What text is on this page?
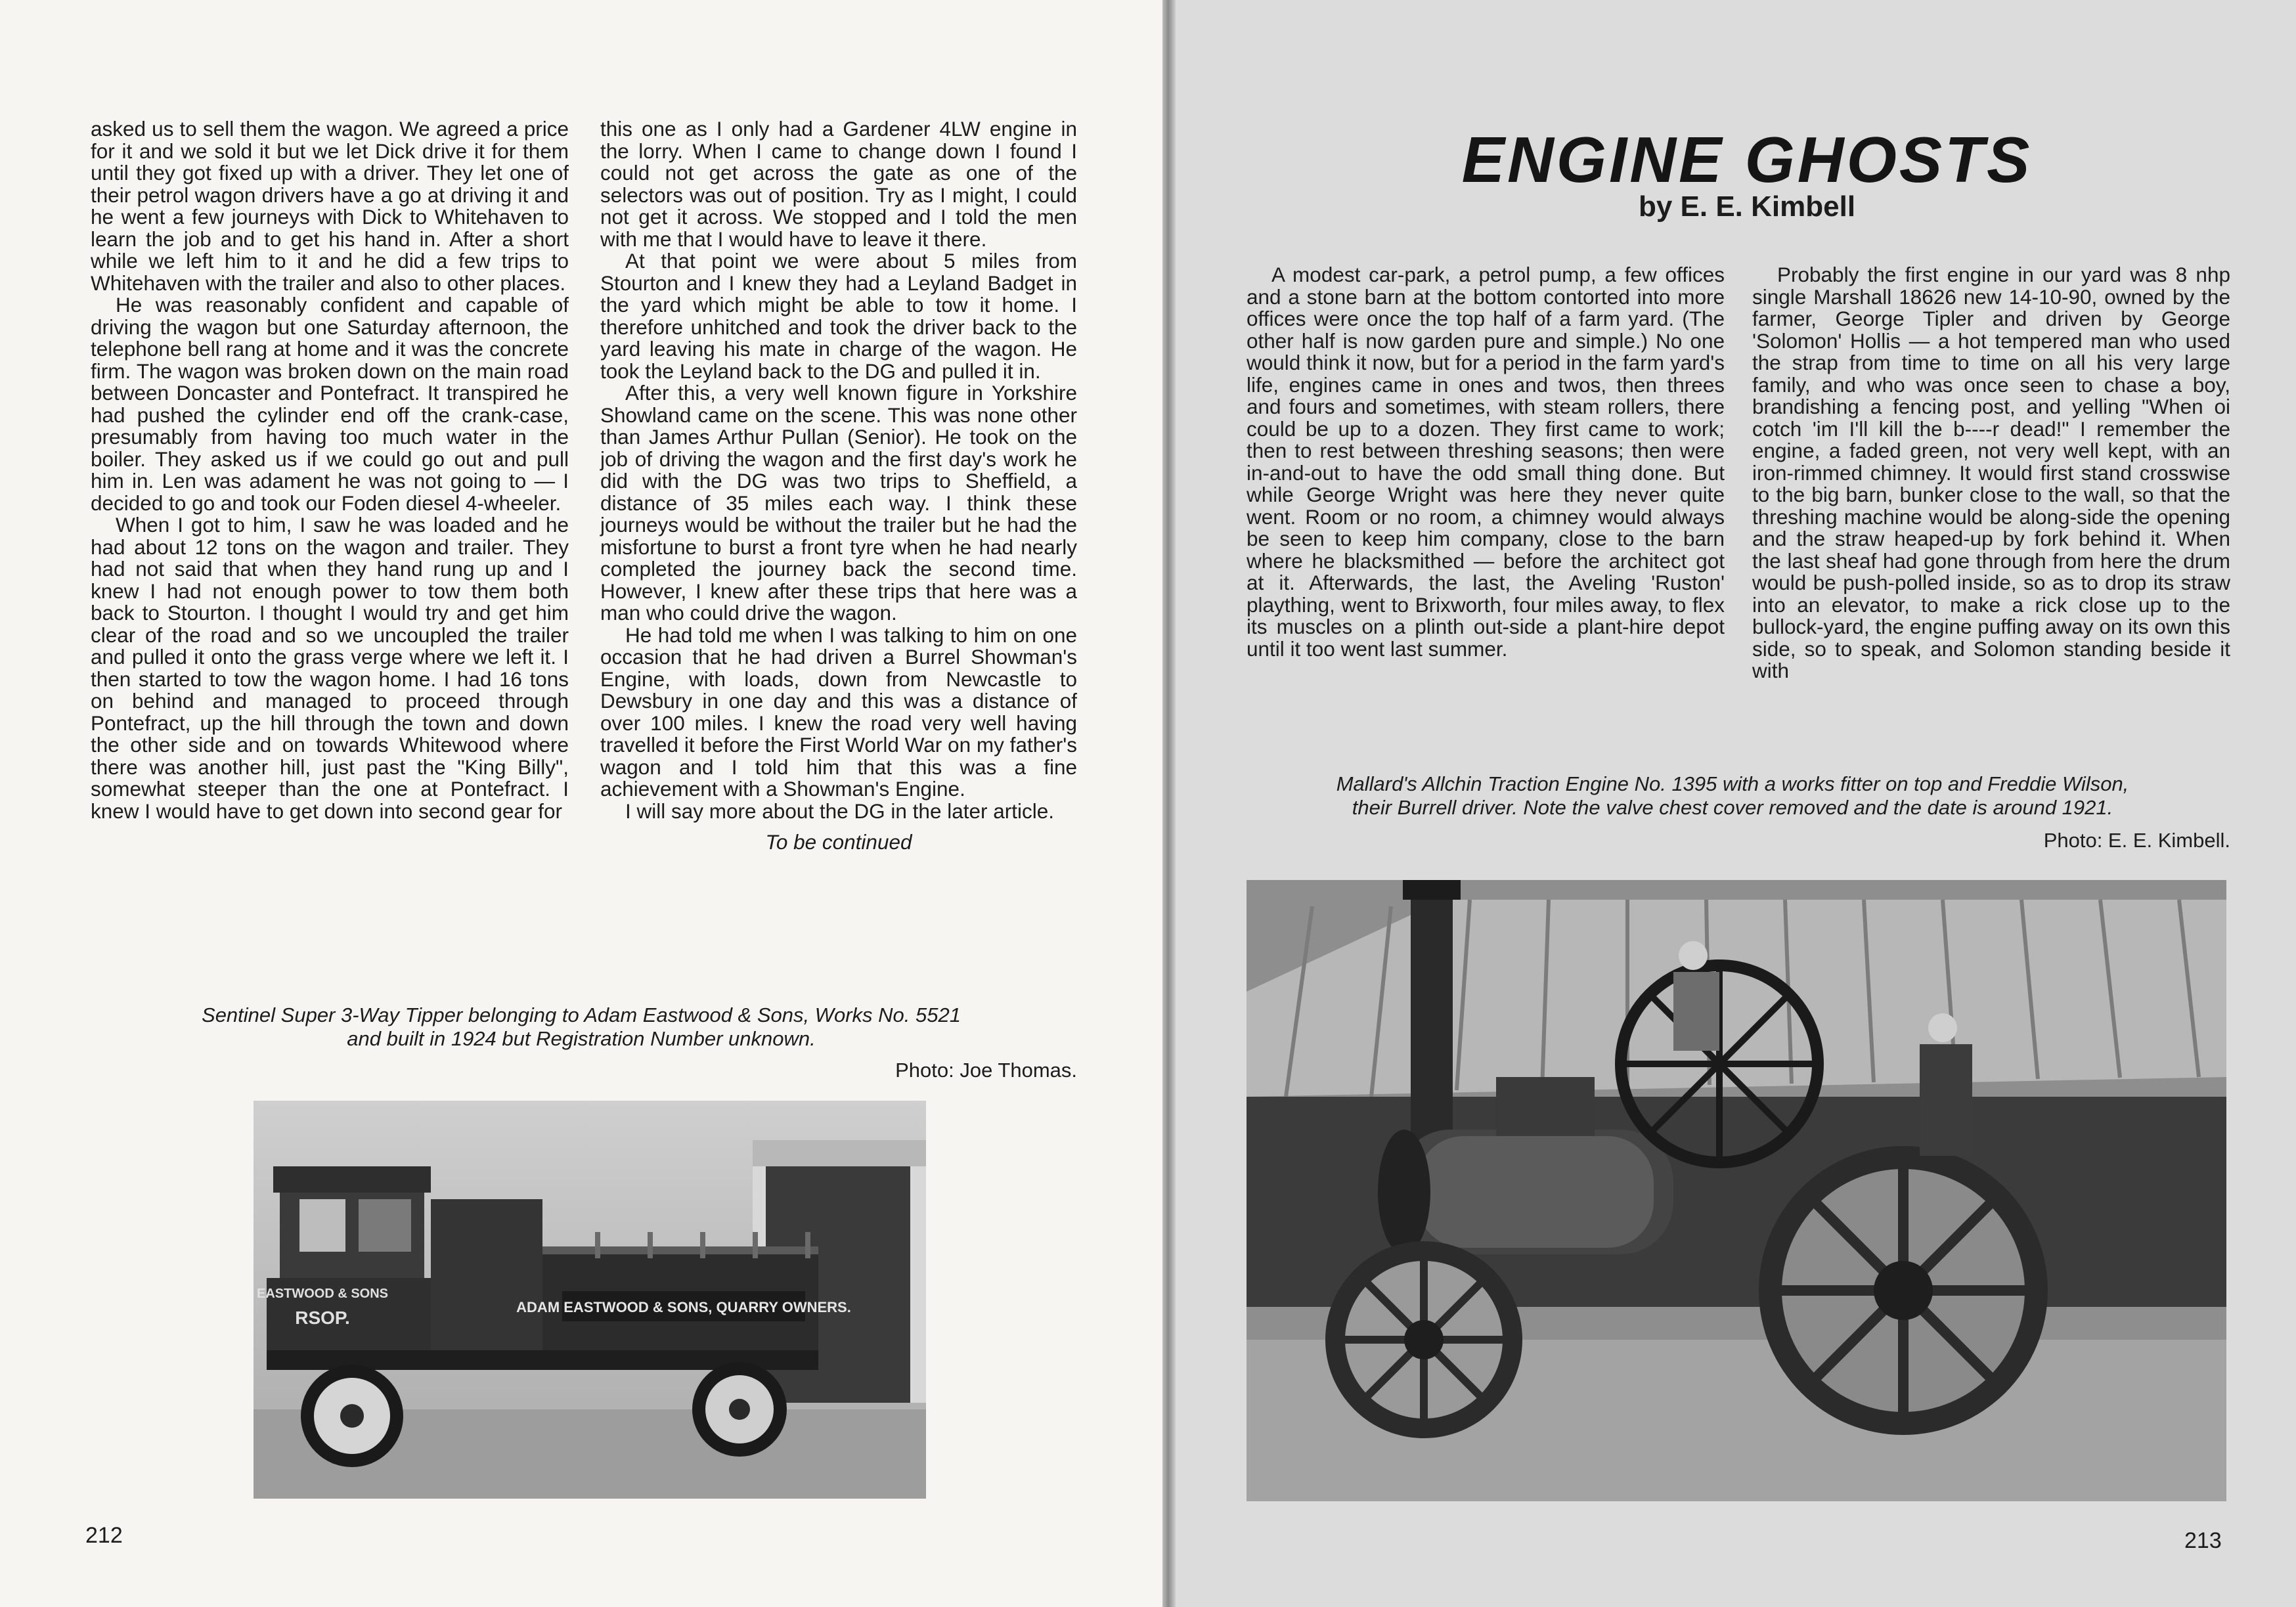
asked us to sell them the wagon. We agreed a price for it and we sold it but we let Dick drive it for them until they got fixed up with a driver. They let one of their petrol wagon drivers have a go at driving it and he went a few journeys with Dick to Whitehaven to learn the job and to get his hand in. After a short while we left him to it and he did a few trips to Whitehaven with the trailer and also to other places.

He was reasonably confident and capable of driving the wagon but one Saturday afternoon, the telephone bell rang at home and it was the concrete firm. The wagon was broken down on the main road between Doncaster and Pontefract. It transpired he had pushed the cylinder end off the crank-case, presumably from having too much water in the boiler. They asked us if we could go out and pull him in. Len was adament he was not going to — I decided to go and took our Foden diesel 4-wheeler.

When I got to him, I saw he was loaded and he had about 12 tons on the wagon and trailer. They had not said that when they hand rung up and I knew I had not enough power to tow them both back to Stourton. I thought I would try and get him clear of the road and so we uncoupled the trailer and pulled it onto the grass verge where we left it. I then started to tow the wagon home. I had 16 tons on behind and managed to proceed through Pontefract, up the hill through the town and down the other side and on towards Whitewood where there was another hill, just past the "King Billy", somewhat steeper than the one at Pontefract. I knew I would have to get down into second gear for

this one as I only had a Gardener 4LW engine in the lorry. When I came to change down I found I could not get across the gate as one of the selectors was out of position. Try as I might, I could not get it across. We stopped and I told the men with me that I would have to leave it there.

At that point we were about 5 miles from Stourton and I knew they had a Leyland Badget in the yard which might be able to tow it home. I therefore unhitched and took the driver back to the yard leaving his mate in charge of the wagon. He took the Leyland back to the DG and pulled it in.

After this, a very well known figure in Yorkshire Showland came on the scene. This was none other than James Arthur Pullan (Senior). He took on the job of driving the wagon and the first day's work he did with the DG was two trips to Sheffield, a distance of 35 miles each way. I think these journeys would be without the trailer but he had the misfortune to burst a front tyre when he had nearly completed the journey back the second time. However, I knew after these trips that here was a man who could drive the wagon.

He had told me when I was talking to him on one occasion that he had driven a Burrel Showman's Engine, with loads, down from Newcastle to Dewsbury in one day and this was a distance of over 100 miles. I knew the road very well having travelled it before the First World War on my father's wagon and I told him that this was a fine achievement with a Showman's Engine.

I will say more about the DG in the later article.

To be continued

Sentinel Super 3-Way Tipper belonging to Adam Eastwood & Sons, Works No. 5521
and built in 1924 but Registration Number unknown.
Photo: Joe Thomas.
ADAM EASTWOOD & SONS, QUARRY OWNERS.
EASTWOOD & SONS
RSOP.
212
ENGINE GHOSTS
by E. E. Kimbell

A modest car-park, a petrol pump, a few offices and a stone barn at the bottom contorted into more offices were once the top half of a farm yard. (The other half is now garden pure and simple.) No one would think it now, but for a period in the farm yard's life, engines came in ones and twos, then threes and fours and sometimes, with steam rollers, there could be up to a dozen. They first came to work; then to rest between threshing seasons; then were in-and-out to have the odd small thing done. But while George Wright was here they never quite went. Room or no room, a chimney would always be seen to keep him company, close to the barn where he blacksmithed — before the architect got at it. Afterwards, the last, the Aveling 'Ruston' plaything, went to Brixworth, four miles away, to flex its muscles on a plinth out-side a plant-hire depot until it too went last summer.

Probably the first engine in our yard was 8 nhp single Marshall 18626 new 14-10-90, owned by the farmer, George Tipler and driven by George 'Solomon' Hollis — a hot tempered man who used the strap from time to time on all his very large family, and who was once seen to chase a boy, brandishing a fencing post, and yelling "When oi cotch 'im I'll kill the b----r dead!" I remember the engine, a faded green, not very well kept, with an iron-rimmed chimney. It would first stand crosswise to the big barn, bunker close to the wall, so that the threshing machine would be along-side the opening and the straw heaped-up by fork behind it. When the last sheaf had gone through from here the drum would be push-polled inside, so as to drop its straw into an elevator, to make a rick close up to the bullock-yard, the engine puffing away on its own this side, so to speak, and Solomon standing beside it with

Mallard's Allchin Traction Engine No. 1395 with a works fitter on top and Freddie Wilson,
their Burrell driver. Note the valve chest cover removed and the date is around 1921.
Photo: E. E. Kimbell.
213
